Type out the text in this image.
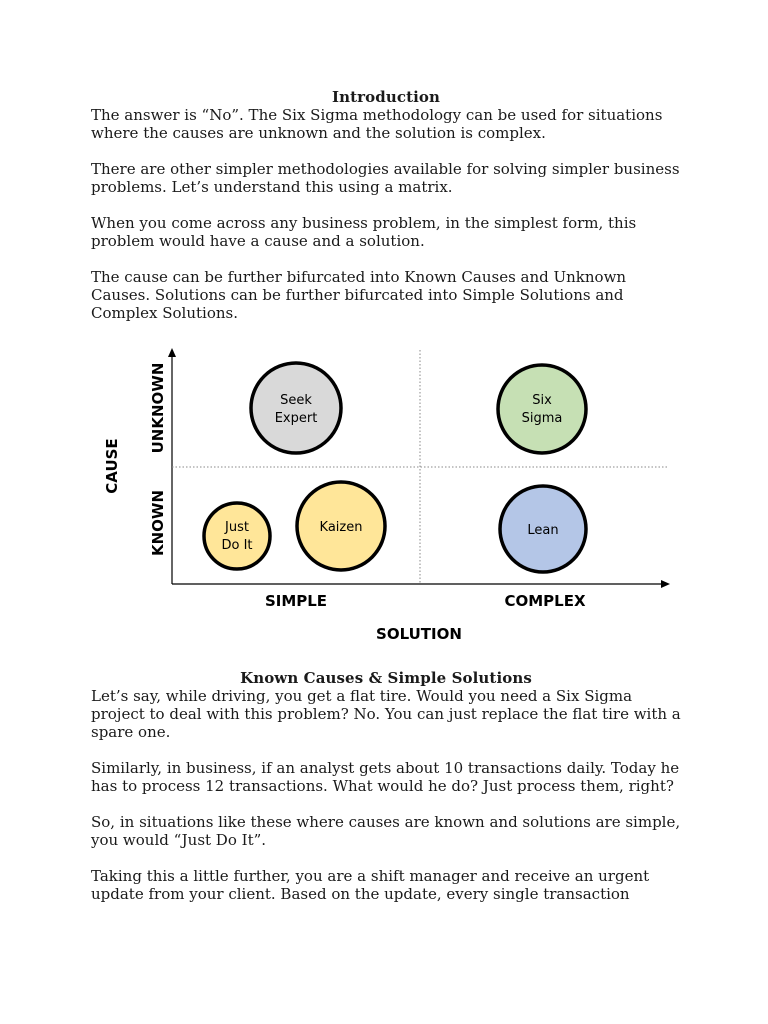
Introduction

The answer is “No”. The Six Sigma methodology can be used for situations where the causes are unknown and the solution is complex.

There are other simpler methodologies available for solving simpler business problems. Let’s understand this using a matrix.

When you come across any business problem, in the simplest form, this problem would have a cause and a solution.

The cause can be further bifurcated into Known Causes and Unknown Causes. Solutions can be further bifurcated into Simple Solutions and Complex Solutions.

Seek
Expert
Six
Sigma
Just
Do It
Kaizen	Lean
UNKNOWN
KNOWN
CAUSE
SIMPLE	COMPLEX
SOLUTION
Known Causes & Simple Solutions

Let’s say, while driving, you get a flat tire. Would you need a Six Sigma project to deal with this problem? No. You can just replace the flat tire with a spare one.

Similarly, in business, if an analyst gets about 10 transactions daily. Today he has to process 12 transactions. What would he do? Just process them, right?

So, in situations like these where causes are known and solutions are simple, you would “Just Do It”.

Taking this a little further, you are a shift manager and receive an urgent update from your client. Based on the update, every single transaction
